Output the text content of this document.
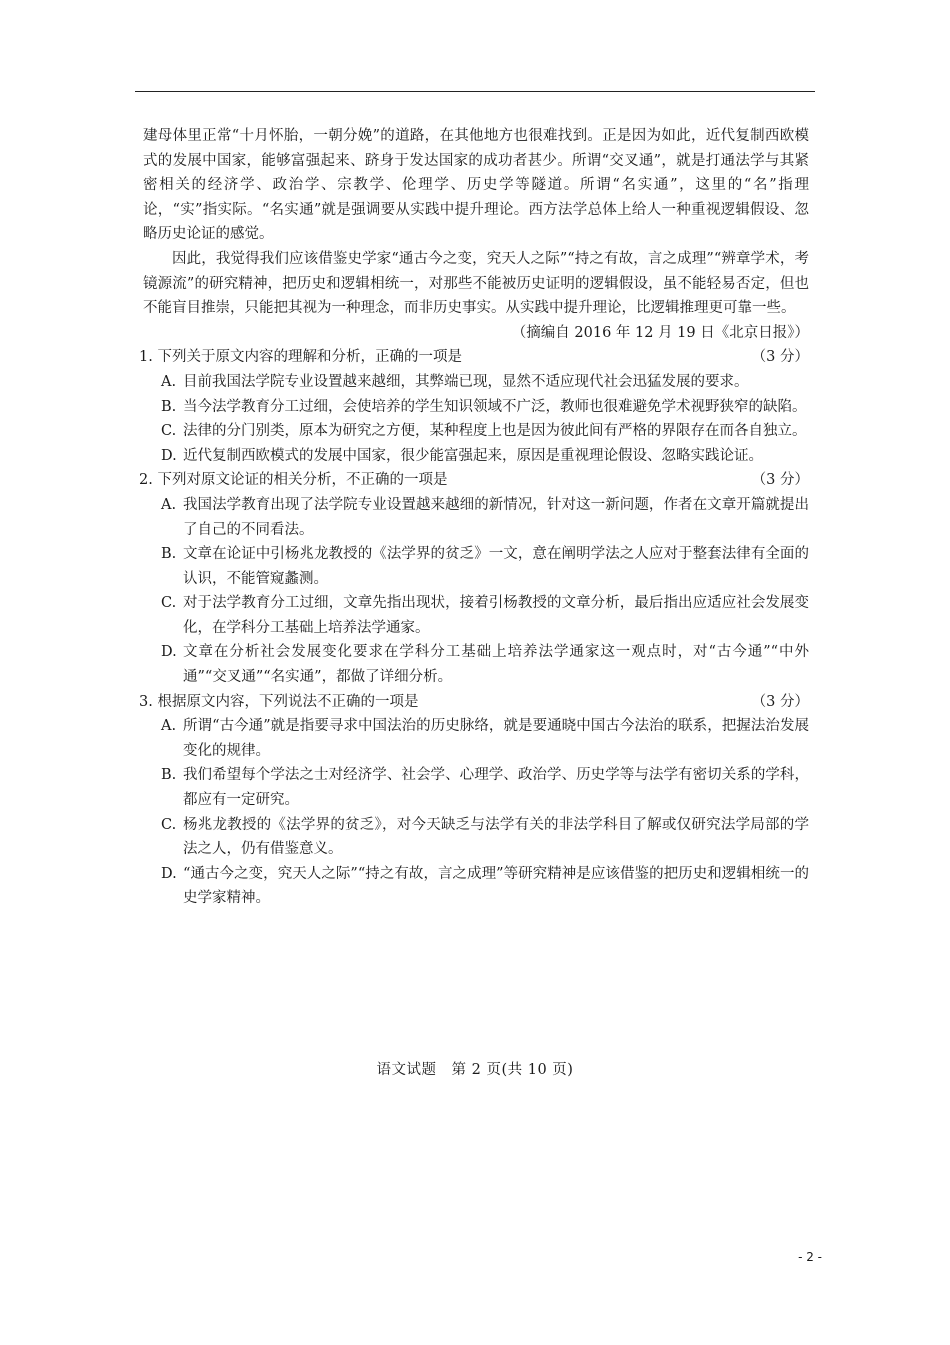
建母体里正常“十月怀胎，一朝分娩”的道路，在其他地方也很难找到。正是因为如此，近代复制西欧模式的发展中国家，能够富强起来、跻身于发达国家的成功者甚少。所谓“交叉通”，就是打通法学与其紧密相关的经济学、政治学、宗教学、伦理学、历史学等隧道。所谓“名实通”，这里的“名”指理论，“实”指实际。“名实通”就是强调要从实践中提升理论。西方法学总体上给人一种重视逻辑假设、忽略历史论证的感觉。

因此，我觉得我们应该借鉴史学家“通古今之变，究天人之际”“持之有故，言之成理”“辨章学术，考镜源流”的研究精神，把历史和逻辑相统一，对那些不能被历史证明的逻辑假设，虽不能轻易否定，但也不能盲目推崇，只能把其视为一种理念，而非历史事实。从实践中提升理论，比逻辑推理更可靠一些。

（摘编自 2016 年 12 月 19 日《北京日报》）

1. 下列关于原文内容的理解和分析，正确的一项是	（3 分）
A. 目前我国法学院专业设置越来越细，其弊端已现，显然不适应现代社会迅猛发展的要求。
B. 当今法学教育分工过细，会使培养的学生知识领域不广泛，教师也很难避免学术视野狭窄的缺陷。
C. 法律的分门别类，原本为研究之方便，某种程度上也是因为彼此间有严格的界限存在而各自独立。
D. 近代复制西欧模式的发展中国家，很少能富强起来，原因是重视理论假设、忽略实践论证。
2. 下列对原文论证的相关分析，不正确的一项是	（3 分）
A. 我国法学教育出现了法学院专业设置越来越细的新情况，针对这一新问题，作者在文章开篇就提出了自己的不同看法。
B. 文章在论证中引杨兆龙教授的《法学界的贫乏》一文，意在阐明学法之人应对于整套法律有全面的认识，不能管窥蠡测。
C. 对于法学教育分工过细，文章先指出现状，接着引杨教授的文章分析，最后指出应适应社会发展变化，在学科分工基础上培养法学通家。
D. 文章在分析社会发展变化要求在学科分工基础上培养法学通家这一观点时，对“古今通”“中外通”“交叉通”“名实通”，都做了详细分析。
3. 根据原文内容，下列说法不正确的一项是	（3 分）
A. 所谓“古今通”就是指要寻求中国法治的历史脉络，就是要通晓中国古今法治的联系，把握法治发展变化的规律。
B. 我们希望每个学法之士对经济学、社会学、心理学、政治学、历史学等与法学有密切关系的学科，都应有一定研究。
C. 杨兆龙教授的《法学界的贫乏》，对今天缺乏与法学有关的非法学科目了解或仅研究法学局部的学法之人，仍有借鉴意义。
D. “通古今之变，究天人之际”“持之有故，言之成理”等研究精神是应该借鉴的把历史和逻辑相统一的史学家精神。
语文试题　第 2 页(共 10 页)
- 2 -
